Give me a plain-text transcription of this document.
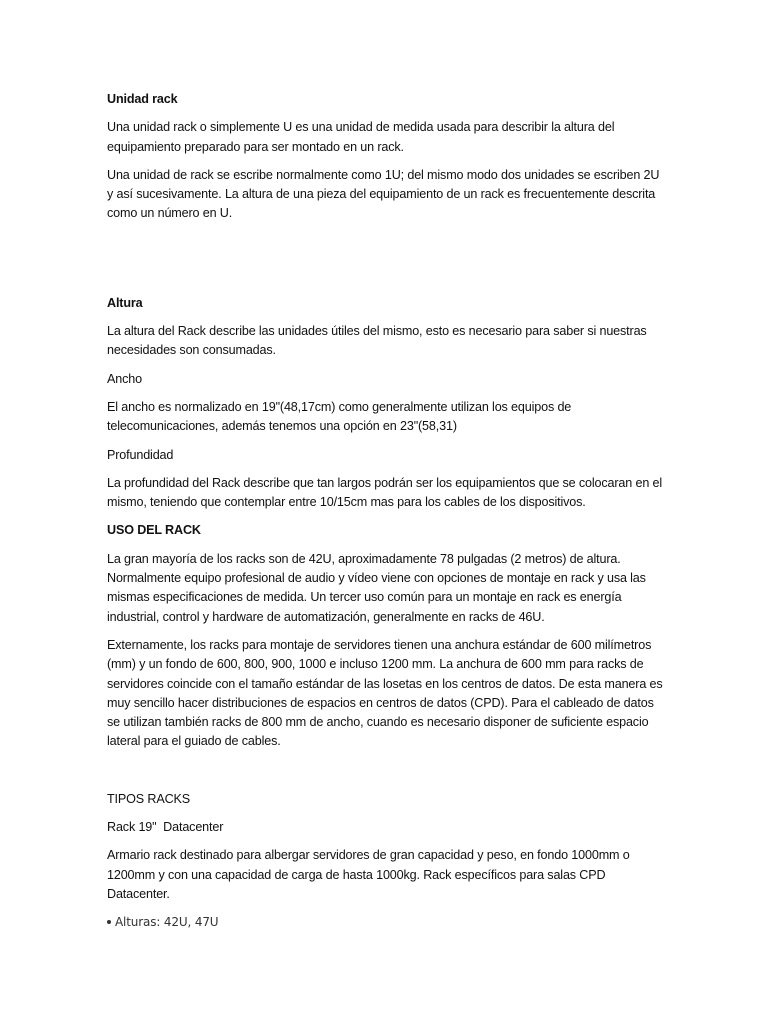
Unidad rack
Una unidad rack o simplemente U es una unidad de medida usada para describir la altura del equipamiento preparado para ser montado en un rack.
Una unidad de rack se escribe normalmente como 1U; del mismo modo dos unidades se escriben 2U y así sucesivamente. La altura de una pieza del equipamiento de un rack es frecuentemente descrita como un número en U.
Altura
La altura del Rack describe las unidades útiles del mismo, esto es necesario para saber si nuestras necesidades son consumadas.
Ancho
El ancho es normalizado en 19"(48,17cm) como generalmente utilizan los equipos de telecomunicaciones, además tenemos una opción en 23"(58,31)
Profundidad
La profundidad del Rack describe que tan largos podrán ser los equipamientos que se colocaran en el mismo, teniendo que contemplar entre 10/15cm mas para los cables de los dispositivos.
USO DEL RACK
La gran mayoría de los racks son de 42U, aproximadamente 78 pulgadas (2 metros) de altura. Normalmente equipo profesional de audio y vídeo viene con opciones de montaje en rack y usa las mismas especificaciones de medida. Un tercer uso común para un montaje en rack es energía industrial, control y hardware de automatización, generalmente en racks de 46U.
Externamente, los racks para montaje de servidores tienen una anchura estándar de 600 milímetros (mm) y un fondo de 600, 800, 900, 1000 e incluso 1200 mm. La anchura de 600 mm para racks de servidores coincide con el tamaño estándar de las losetas en los centros de datos. De esta manera es muy sencillo hacer distribuciones de espacios en centros de datos (CPD). Para el cableado de datos se utilizan también racks de 800 mm de ancho, cuando es necesario disponer de suficiente espacio lateral para el guiado de cables.
TIPOS RACKS
Rack 19"  Datacenter
Armario rack destinado para albergar servidores de gran capacidad y peso, en fondo 1000mm o 1200mm y con una capacidad de carga de hasta 1000kg. Rack específicos para salas CPD Datacenter.
Alturas: 42U, 47U
